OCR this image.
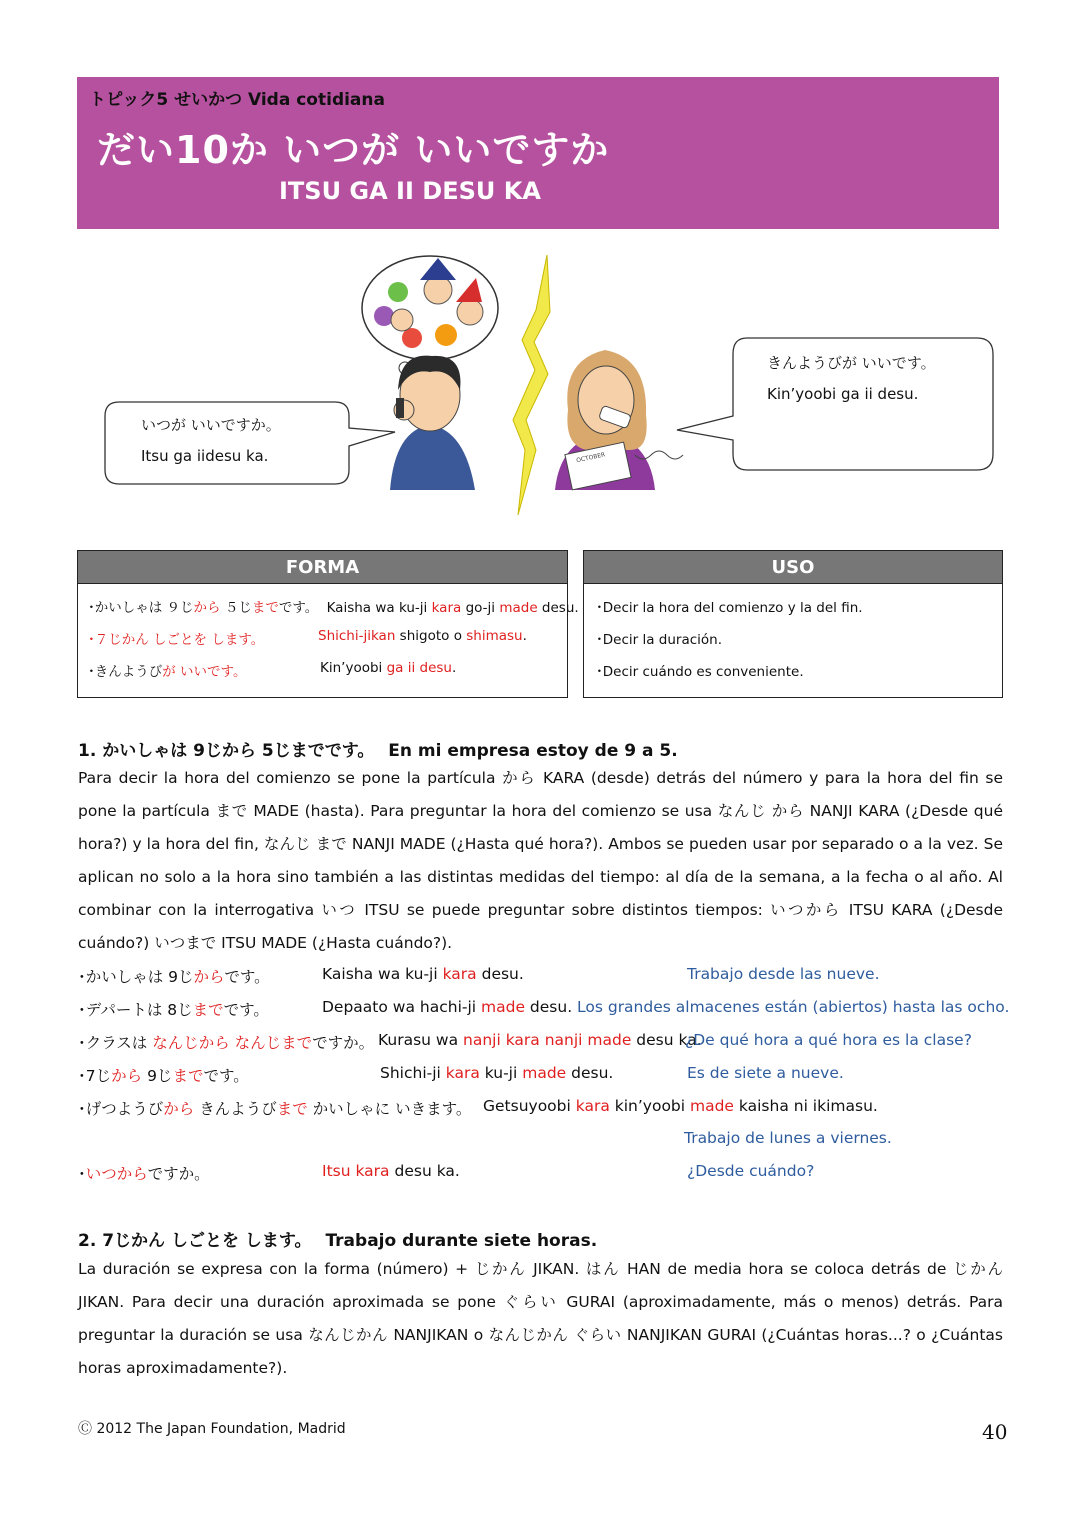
トピック5 せいかつ Vida cotidiana
だい10か いつが いいですか
ITSU GA II DESU KA
OCTOBER
いつが いいですか。
Itsu ga iidesu ka.
きんようびが いいです。
Kin’yoobi ga ii desu.
FORMA
･かいしゃは ９じから ５じまでです。 Kaisha wa ku-ji kara go-ji made desu.
･７じかん しごとを します。	Shichi-jikan shigoto o shimasu.
･きんようびが いいです。	Kin’yoobi ga ii desu.
USO
･Decir la hora del comienzo y la del fin.
･Decir la duración.
･Decir cuándo es conveniente.
1. かいしゃは 9じから 5じまでです。 En mi empresa estoy de 9 a 5.
Para decir la hora del comienzo se pone la partícula から KARA (desde) detrás del número y para la hora del fin se pone la partícula まで MADE (hasta). Para preguntar la hora del comienzo se usa なんじ から NANJI KARA (¿Desde qué hora?) y la hora del fin, なんじ まで NANJI MADE (¿Hasta qué hora?). Ambos se pueden usar por separado o a la vez. Se aplican no solo a la hora sino también a las distintas medidas del tiempo: al día de la semana, a la fecha o al año. Al combinar con la interrogativa いつ ITSU se puede preguntar sobre distintos tiempos: いつから ITSU KARA (¿Desde cuándo?) いつまで ITSU MADE (¿Hasta cuándo?).
･かいしゃは 9じからです。	Kaisha wa ku-ji kara desu.	Trabajo desde las nueve.
･デパートは 8じまでです。	Depaato wa hachi-ji made desu. Los grandes almacenes están (abiertos) hasta las ocho.
･クラスは なんじから なんじまでですか。 Kurasu wa nanji kara nanji made desu ka.
¿De qué hora a qué hora es la clase?
･7じから 9じまでです。	Shichi-ji kara ku-ji made desu.	Es de siete a nueve.
･げつようびから きんようびまで かいしゃに いきます。 Getsuyoobi kara kin’yoobi made kaisha ni ikimasu.
Trabajo de lunes a viernes.
･いつからですか。	Itsu kara desu ka.	¿Desde cuándo?
2. 7じかん しごとを します。 Trabajo durante siete horas.
La duración se expresa con la forma (número) + じかん JIKAN. はん HAN de media hora se coloca detrás de じかん JIKAN. Para decir una duración aproximada se pone ぐらい GURAI (aproximadamente, más o menos) detrás. Para preguntar la duración se usa なんじかん NANJIKAN o なんじかん ぐらい NANJIKAN GURAI (¿Cuántas horas...? o ¿Cuántas horas aproximadamente?).
Ⓒ 2012 The Japan Foundation, Madrid	40
